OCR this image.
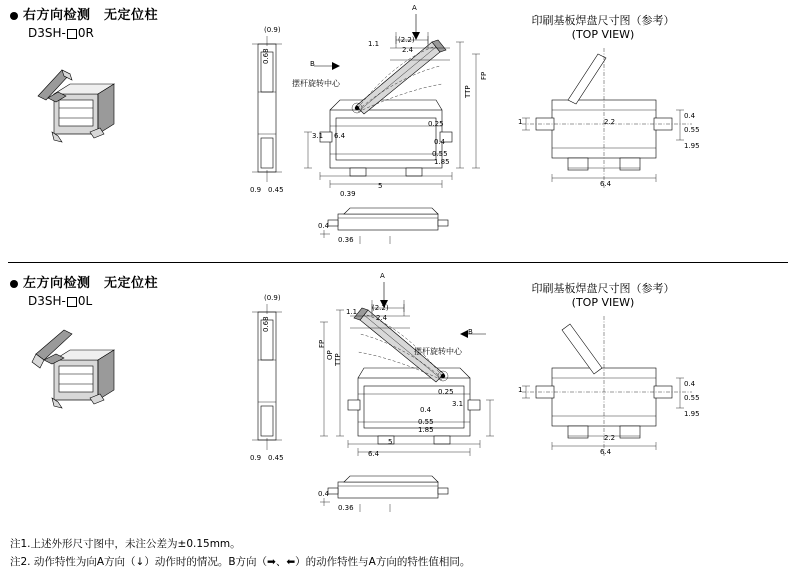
右方向检测　无定位柱
D3SH- 0R	(0.9)
0.68
0.9 0.45
A
B
摆杆旋转中心
(2.2)
2.4
1.1
0.25
0.4
0.55
1.85
3.1 6.4
5
FP
TTP
0.39
0.4
0.36
印刷基板焊盘尺寸图（参考）
(TOP VIEW)
2.2
6.4
1
0.4
0.55
1.95
左方向检测　无定位柱
D3SH- 0L	(0.9)
0.68
0.9 0.45
A
B
摆杆旋转中心
(2.2)
2.4
1.1
0.25
0.4
0.55
1.85
3.1
6.4
5
FP
TTP
OP
0.4
0.36
印刷基板焊盘尺寸图（参考）
(TOP VIEW)
2.2
6.4
1
0.4
0.55
1.95
注1.上述外形尺寸图中，未注公差为±0.15mm。
注2. 动作特性为向A方向（↓）动作时的情况。B方向（➡、⬅）的动作特性与A方向的特性值相同。
